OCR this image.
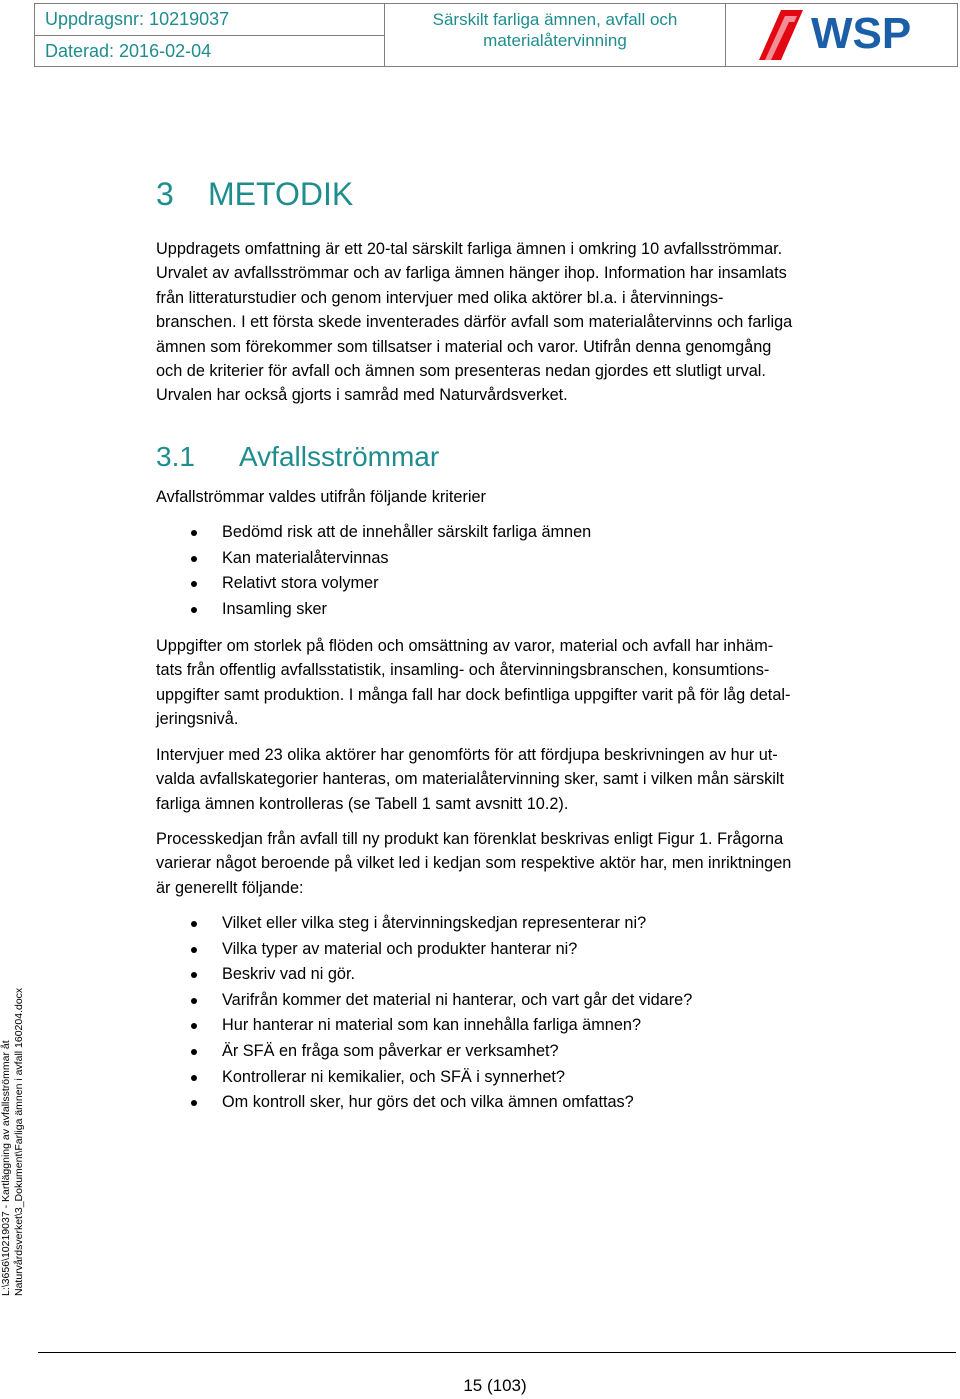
Uppdragsnr: 10219037
Daterad: 2016-02-04
Särskilt farliga ämnen, avfall och
materialåtervinning	WSP
3 METODIK

Uppdragets omfattning är ett 20-tal särskilt farliga ämnen i omkring 10 avfallsströmmar.
Urvalet av avfallsströmmar och av farliga ämnen hänger ihop. Information har insamlats
från litteraturstudier och genom intervjuer med olika aktörer bl.a. i återvinnings-
branschen. I ett första skede inventerades därför avfall som materialåtervinns och farliga
ämnen som förekommer som tillsatser i material och varor. Utifrån denna genomgång
och de kriterier för avfall och ämnen som presenteras nedan gjordes ett slutligt urval.
Urvalen har också gjorts i samråd med Naturvårdsverket.

3.1 Avfallsströmmar

Avfallströmmar valdes utifrån följande kriterier

Bedömd risk att de innehåller särskilt farliga ämnen
Kan materialåtervinnas
Relativt stora volymer
Insamling sker

Uppgifter om storlek på flöden och omsättning av varor, material och avfall har inhäm-
tats från offentlig avfallsstatistik, insamling- och återvinningsbranschen, konsumtions-
uppgifter samt produktion. I många fall har dock befintliga uppgifter varit på för låg detal-
jeringsnivå.

Intervjuer med 23 olika aktörer har genomförts för att fördjupa beskrivningen av hur ut-
valda avfallskategorier hanteras, om materialåtervinning sker, samt i vilken mån särskilt
farliga ämnen kontrolleras (se Tabell 1 samt avsnitt 10.2).

Processkedjan från avfall till ny produkt kan förenklat beskrivas enligt Figur 1. Frågorna
varierar något beroende på vilket led i kedjan som respektive aktör har, men inriktningen
är generellt följande:

Vilket eller vilka steg i återvinningskedjan representerar ni?
Vilka typer av material och produkter hanterar ni?
Beskriv vad ni gör.
Varifrån kommer det material ni hanterar, och vart går det vidare?
Hur hanterar ni material som kan innehålla farliga ämnen?
Är SFÄ en fråga som påverkar er verksamhet?
Kontrollerar ni kemikalier, och SFÄ i synnerhet?
Om kontroll sker, hur görs det och vilka ämnen omfattas?
L:\3656\10219037 - Kartläggning av avfallsströmmar åt Naturvårdsverket\3_Dokument\Farliga ämnen i avfall 160204.docx
15 (103)
